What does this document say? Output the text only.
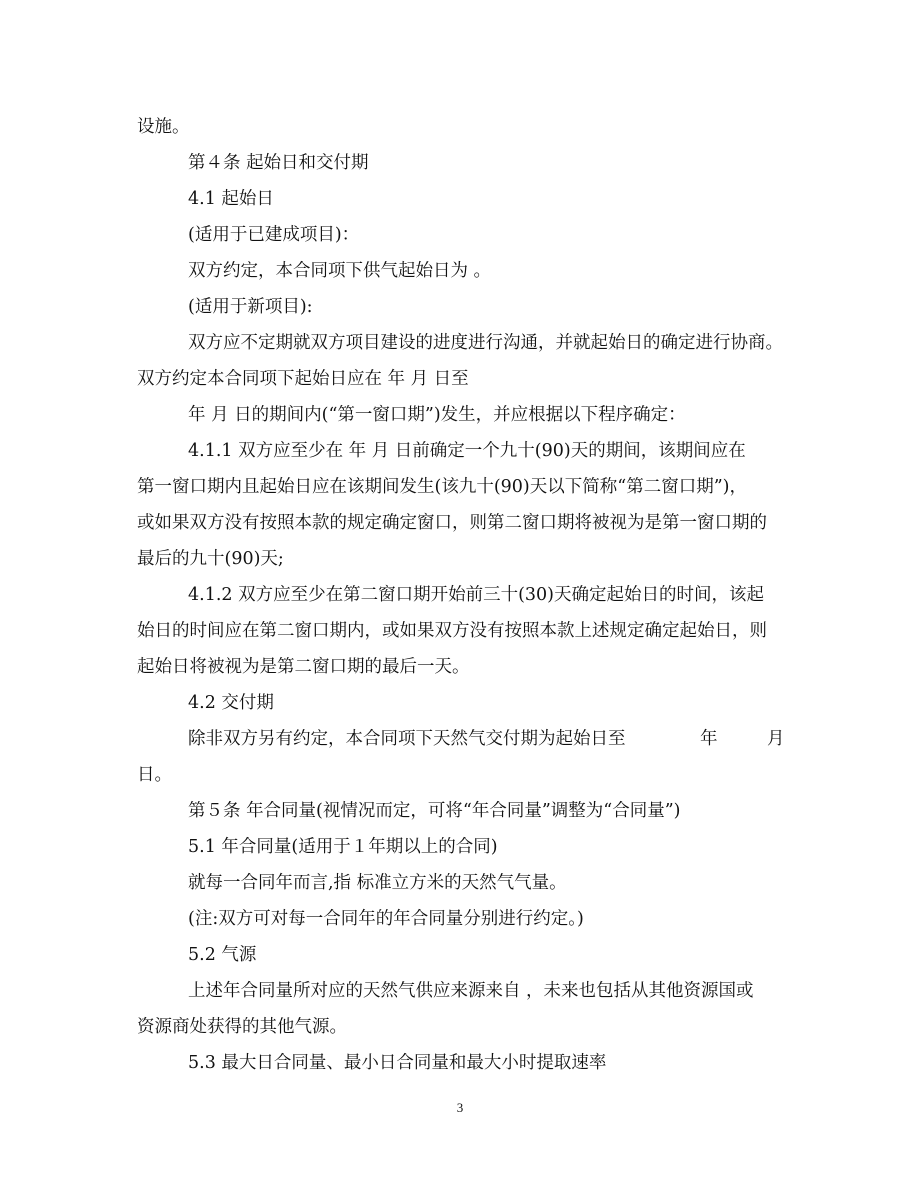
设施。

第４条 起始日和交付期

4.1 起始日

(适用于已建成项目)：

双方约定，本合同项下供气起始日为 。

(适用于新项目):

双方应不定期就双方项目建设的进度进行沟通，并就起始日的确定进行协商。

双方约定本合同项下起始日应在 年 月 日至

年 月 日的期间内(“第一窗口期”)发生，并应根据以下程序确定：

4.1.1 双方应至少在 年 月 日前确定一个九十(90)天的期间，该期间应在

第一窗口期内且起始日应在该期间发生(该九十(90)天以下简称“第二窗口期”)，

或如果双方没有按照本款的规定确定窗口，则第二窗口期将被视为是第一窗口期的

最后的九十(90)天;

4.1.2 双方应至少在第二窗口期开始前三十(30)天确定起始日的时间，该起

始日的时间应在第二窗口期内，或如果双方没有按照本款上述规定确定起始日，则

起始日将被视为是第二窗口期的最后一天。

4.2 交付期

除非双方另有约定，本合同项下天然气交付期为起始日至	年	月

日。

第５条 年合同量(视情况而定，可将“年合同量”调整为“合同量”)

5.1 年合同量(适用于１年期以上的合同)

就每一合同年而言,指 标准立方米的天然气气量。

(注:双方可对每一合同年的年合同量分别进行约定。)

5.2 气源

上述年合同量所对应的天然气供应来源来自 ，未来也包括从其他资源国或

资源商处获得的其他气源。

5.3 最大日合同量、最小日合同量和最大小时提取速率

3
